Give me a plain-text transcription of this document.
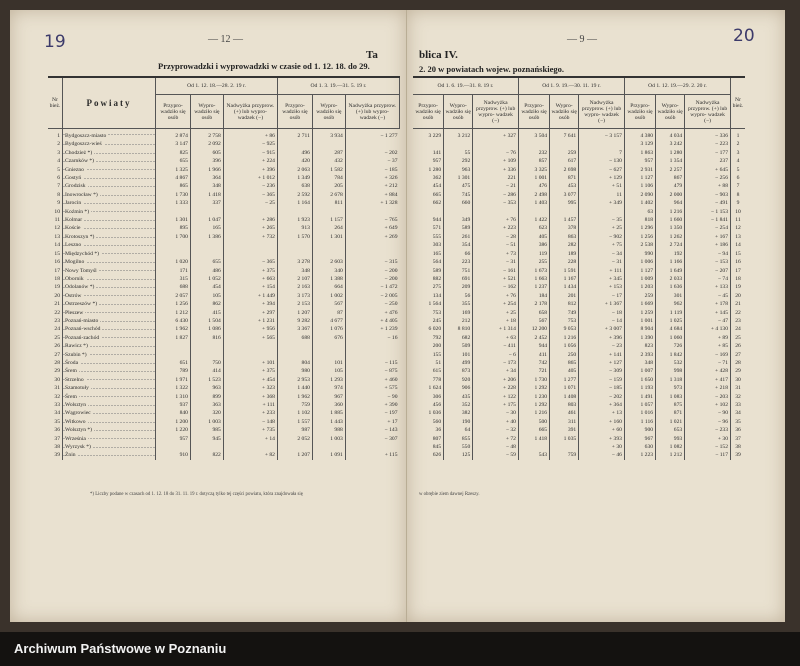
19	— 12 —
Przyprowadzki i wyprowadzki w czasie od 1. 12. 18. do 29.
Ta
Nr bież.	Powiaty	Od 1. 12. 18.—28. 2. 19 r.			Od 1. 3. 19.—31. 5. 19 r.		
		Przypro- wadziło się osób	Wypro- wadziło się osób	Nadwyżka przyprow. (+) lub wypro- wadzek (−)	Przypro- wadziło się osób	Wypro- wadziło się osób	Nadwyżka przyprow. (+) lub wypro- wadzek (−)
1	Bydgoszcz-miasto	2 874	2 758	+ 86	2 711	3 934	− 1 277
2	Bydgoszcz-wieś	3 147	2 092	− 925			
3	Chodzież *)	825	605	− 915	496	287	− 202
4	Czarnków *)	655	396	+ 224	420	432	− 37
5	Gniezno	1 325	1 966	+ 396	2 063	1 582	− 185
6	Gostyń	4 867	364	+ 1 012	1 349	784	+ 326
7	Grodzisk	865	348	− 236	638	205	+ 212
8	Inowrocław *)	1 730	1 418	− 365	2 592	2 678	+ 884
9	Jarocin	1 333	337	− 25	1 164	811	+ 1 328
10	Koźmin *)						
11	Kolmar	1 301	1 047	+ 286	1 923	1 157	− 765
12	Koście	895	165	+ 265	913	264	+ 649
13	Krotoszyn *)	1 700	1 386	+ 732	1 570	1 301	+ 269
14	Leszno						
15	Międzychód *)						
16	Mogilno	1 020	655	− 365	3 278	2 603	− 315
17	Nowy Tomyśl	171	486	+ 375	348	340	− 200
18	Obornik	315	1 052	+ 663	2 107	1 388	− 200
19	Odolanów *)	688	454	+ 154	2 163	664	− 1 472
20	Ostrów	2 057	105	+ 1 449	3 173	1 002	− 2 005
21	Ostrzeszów *)	1 256	862	+ 394	2 153	567	− 250
22	Pleszew	1 212	415	+ 297	1 207	87	+ 476
23	Poznań-miasto	6 430	1 504	+ 1 231	9 282	4 677	+ 4 405
24	Poznań-wschód	1 962	1 086	+ 956	3 367	1 076	+ 1 239
25	Poznań-zachód	1 827	816	+ 565	688	676	− 16
26	Rawicz *)						
27	Szubin *)						
28	Środa	651	750	+ 101	804	101	− 115
29	Śrem	789	414	+ 375	980	105	− 875
30	Strzelno	1 971	1 523	+ 454	2 953	1 293	+ 460
31	Szamotuły	1 322	963	+ 323	1 440	974	+ 575
32	Śrem	1 310	899	+ 368	1 962	967	− 90
33	Wolsztyn	937	363	+ 111	759	360	+ 390
34	Wągrowiec	840	320	+ 233	1 102	1 885	− 197
35	Witkowo	1 200	1 003	− 148	1 557	1 443	+ 17
36	Wolsztyn *)	1 220	985	+ 735	987	988	− 143
37	Września	957	945	+ 14	2 052	1 003	− 307
38	Wyrzysk *)						
39	Żnin	910	822	+ 82	1 207	1 091	+ 115
*) Liczby podane w czasach od 1. 12. 18 do 31. 11. 19 r. dotyczą tylko tej części powiatu, która znajdowała się
20
— 9 —
blica IV.
2. 20 w powiatach wojew. poznańskiego.
Od 1. 6. 19.—31. 8. 19 r.			Od 1. 9. 19.—30. 11. 19 r.			Od 1. 12. 19.—29. 2. 20 r.			Nr bież.
Przypro- wadziło się osób	Wypro- wadziło się osób	Nadwyżka przyprow. (+) lub wypro- wadzek (−)	Przypro- wadziło się osób	Wypro- wadziło się osób	Nadwyżka przyprow. (+) lub wypro- wadzek (−)	Przypro- wadziło się osób	Wypro- wadziło się osób	Nadwyżka przyprow. (+) lub wypro- wadzek (−)	
3 229	3 212	+ 327	3 504	7 641	− 3 157	4 380	4 034	− 336	1
						3 129	3 242	− 223	2
141	55	− 76	232	259	7	1 863	1 280	− 177	3
957	292	+ 109	857	617	− 130	957	1 354	237	4
1 280	963	+ 336	3 325	2 698	− 627	2 931	2 257	+ 645	5
362	1 301	221	1 001	871	+ 129	1 127	867	− 256	6
454	475	− 21	476	453	+ 51	1 106	479	+ 88	7
665	745	− 286	2 498	3 077	11	2 090	2 000	− 903	8
662	660	− 353	1 403	995	+ 349	1 402	964	− 491	9
						63	1 216	− 1 153	10
944	349	+ 76	1 422	1 457	− 35	818	1 660	− 1 841	11
571	589	+ 223	623	378	+ 25	1 296	1 350	− 254	12
555	261	− 28	405	863	− 902	1 256	1 262	+ 167	13
303	354	− 51	386	282	+ 75	2 538	2 724	+ 186	14
165	66	+ 73	119	189	− 34	990	192	− 94	15
564	223	− 31	255	228	− 31	1 006	1 166	− 153	16
589	751	− 161	1 673	1 591	+ 111	1 127	1 649	− 207	17
882	691	+ 521	1 663	1 167	+ 345	1 009	2 033	− 74	18
275	209	− 162	1 237	1 434	+ 153	1 203	1 636	+ 133	19
134	56	+ 76	184	201	− 17	259	301	− 45	20
1 564	355	+ 254	2 178	812	+ 1 367	1 669	962	+ 178	21
753	169	+ 25	658	749	− 18	1 259	1 119	+ 145	22
245	212	+ 18	567	753	− 14	1 001	1 025	− 47	23
6 020	8 810	+ 1 314	12 200	9 053	+ 3 007	8 904	4 684	+ 4 130	24
792	682	+ 63	2 452	1 216	+ 396	1 390	1 060	+ 89	25
200	509	− 411	944	1 056	− 23	823	726	+ 85	26
155	101	− 6	411	250	+ 141	2 393	1 842	− 169	27
51	499	− 173	742	865	+ 127	348	532	− 71	28
615	873	+ 34	721	405	− 309	1 007	998	+ 428	29
778	920	+ 206	1 730	1 277	− 159	1 650	1 318	+ 417	30
1 624	906	+ 228	1 292	1 071	− 185	1 193	973	+ 218	31
306	435	+ 122	1 230	1 408	− 202	1 491	1 083	− 203	32
456	352	+ 175	1 292	803	+ 364	1 057	875	+ 102	33
1 036	382	− 30	1 216	461	+ 13	1 016	871	− 90	34
560	190	+ 40	500	311	+ 160	1 116	1 021	− 96	35
36	64	− 32	665	391	+ 60	900	653	− 233	36
807	855	+ 72	1 418	1 035	+ 393	967	993	+ 30	37
845	550	− 48			+ 30	630	1 082	− 152	38
626	125	− 59	543	759	− 46	1 223	1 212	− 117	39
w obrębie ziem dawnej Rzeszy.
Archiwum Państwowe w Poznaniu
